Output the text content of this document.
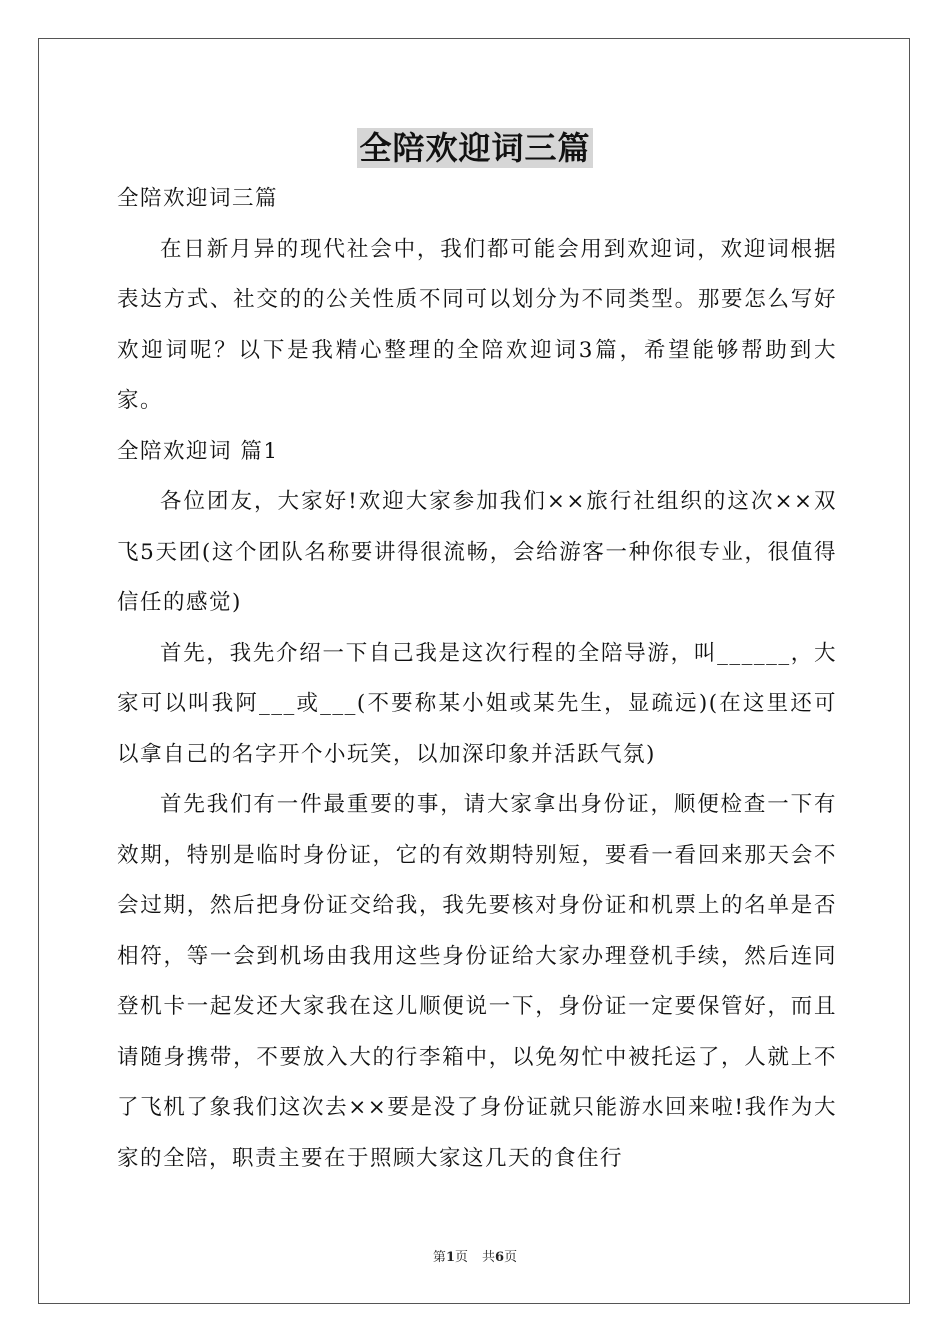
全陪欢迎词三篇

全陪欢迎词三篇

在日新月异的现代社会中，我们都可能会用到欢迎词，欢迎词根据表达方式、社交的的公关性质不同可以划分为不同类型。那要怎么写好欢迎词呢？以下是我精心整理的全陪欢迎词3篇，希望能够帮助到大家。

全陪欢迎词 篇1

各位团友，大家好!欢迎大家参加我们××旅行社组织的这次××双飞5天团(这个团队名称要讲得很流畅，会给游客一种你很专业，很值得信任的感觉)

首先，我先介绍一下自己我是这次行程的全陪导游，叫______，大家可以叫我阿___或___(不要称某小姐或某先生，显疏远)(在这里还可以拿自己的名字开个小玩笑，以加深印象并活跃气氛)

首先我们有一件最重要的事，请大家拿出身份证，顺便检查一下有效期，特别是临时身份证，它的有效期特别短，要看一看回来那天会不会过期，然后把身份证交给我，我先要核对身份证和机票上的名单是否相符，等一会到机场由我用这些身份证给大家办理登机手续，然后连同登机卡一起发还大家我在这儿顺便说一下，身份证一定要保管好，而且请随身携带，不要放入大的行李箱中，以免匆忙中被托运了，人就上不了飞机了象我们这次去××要是没了身份证就只能游水回来啦!我作为大家的全陪，职责主要在于照顾大家这几天的食住行

第1页 共6页
